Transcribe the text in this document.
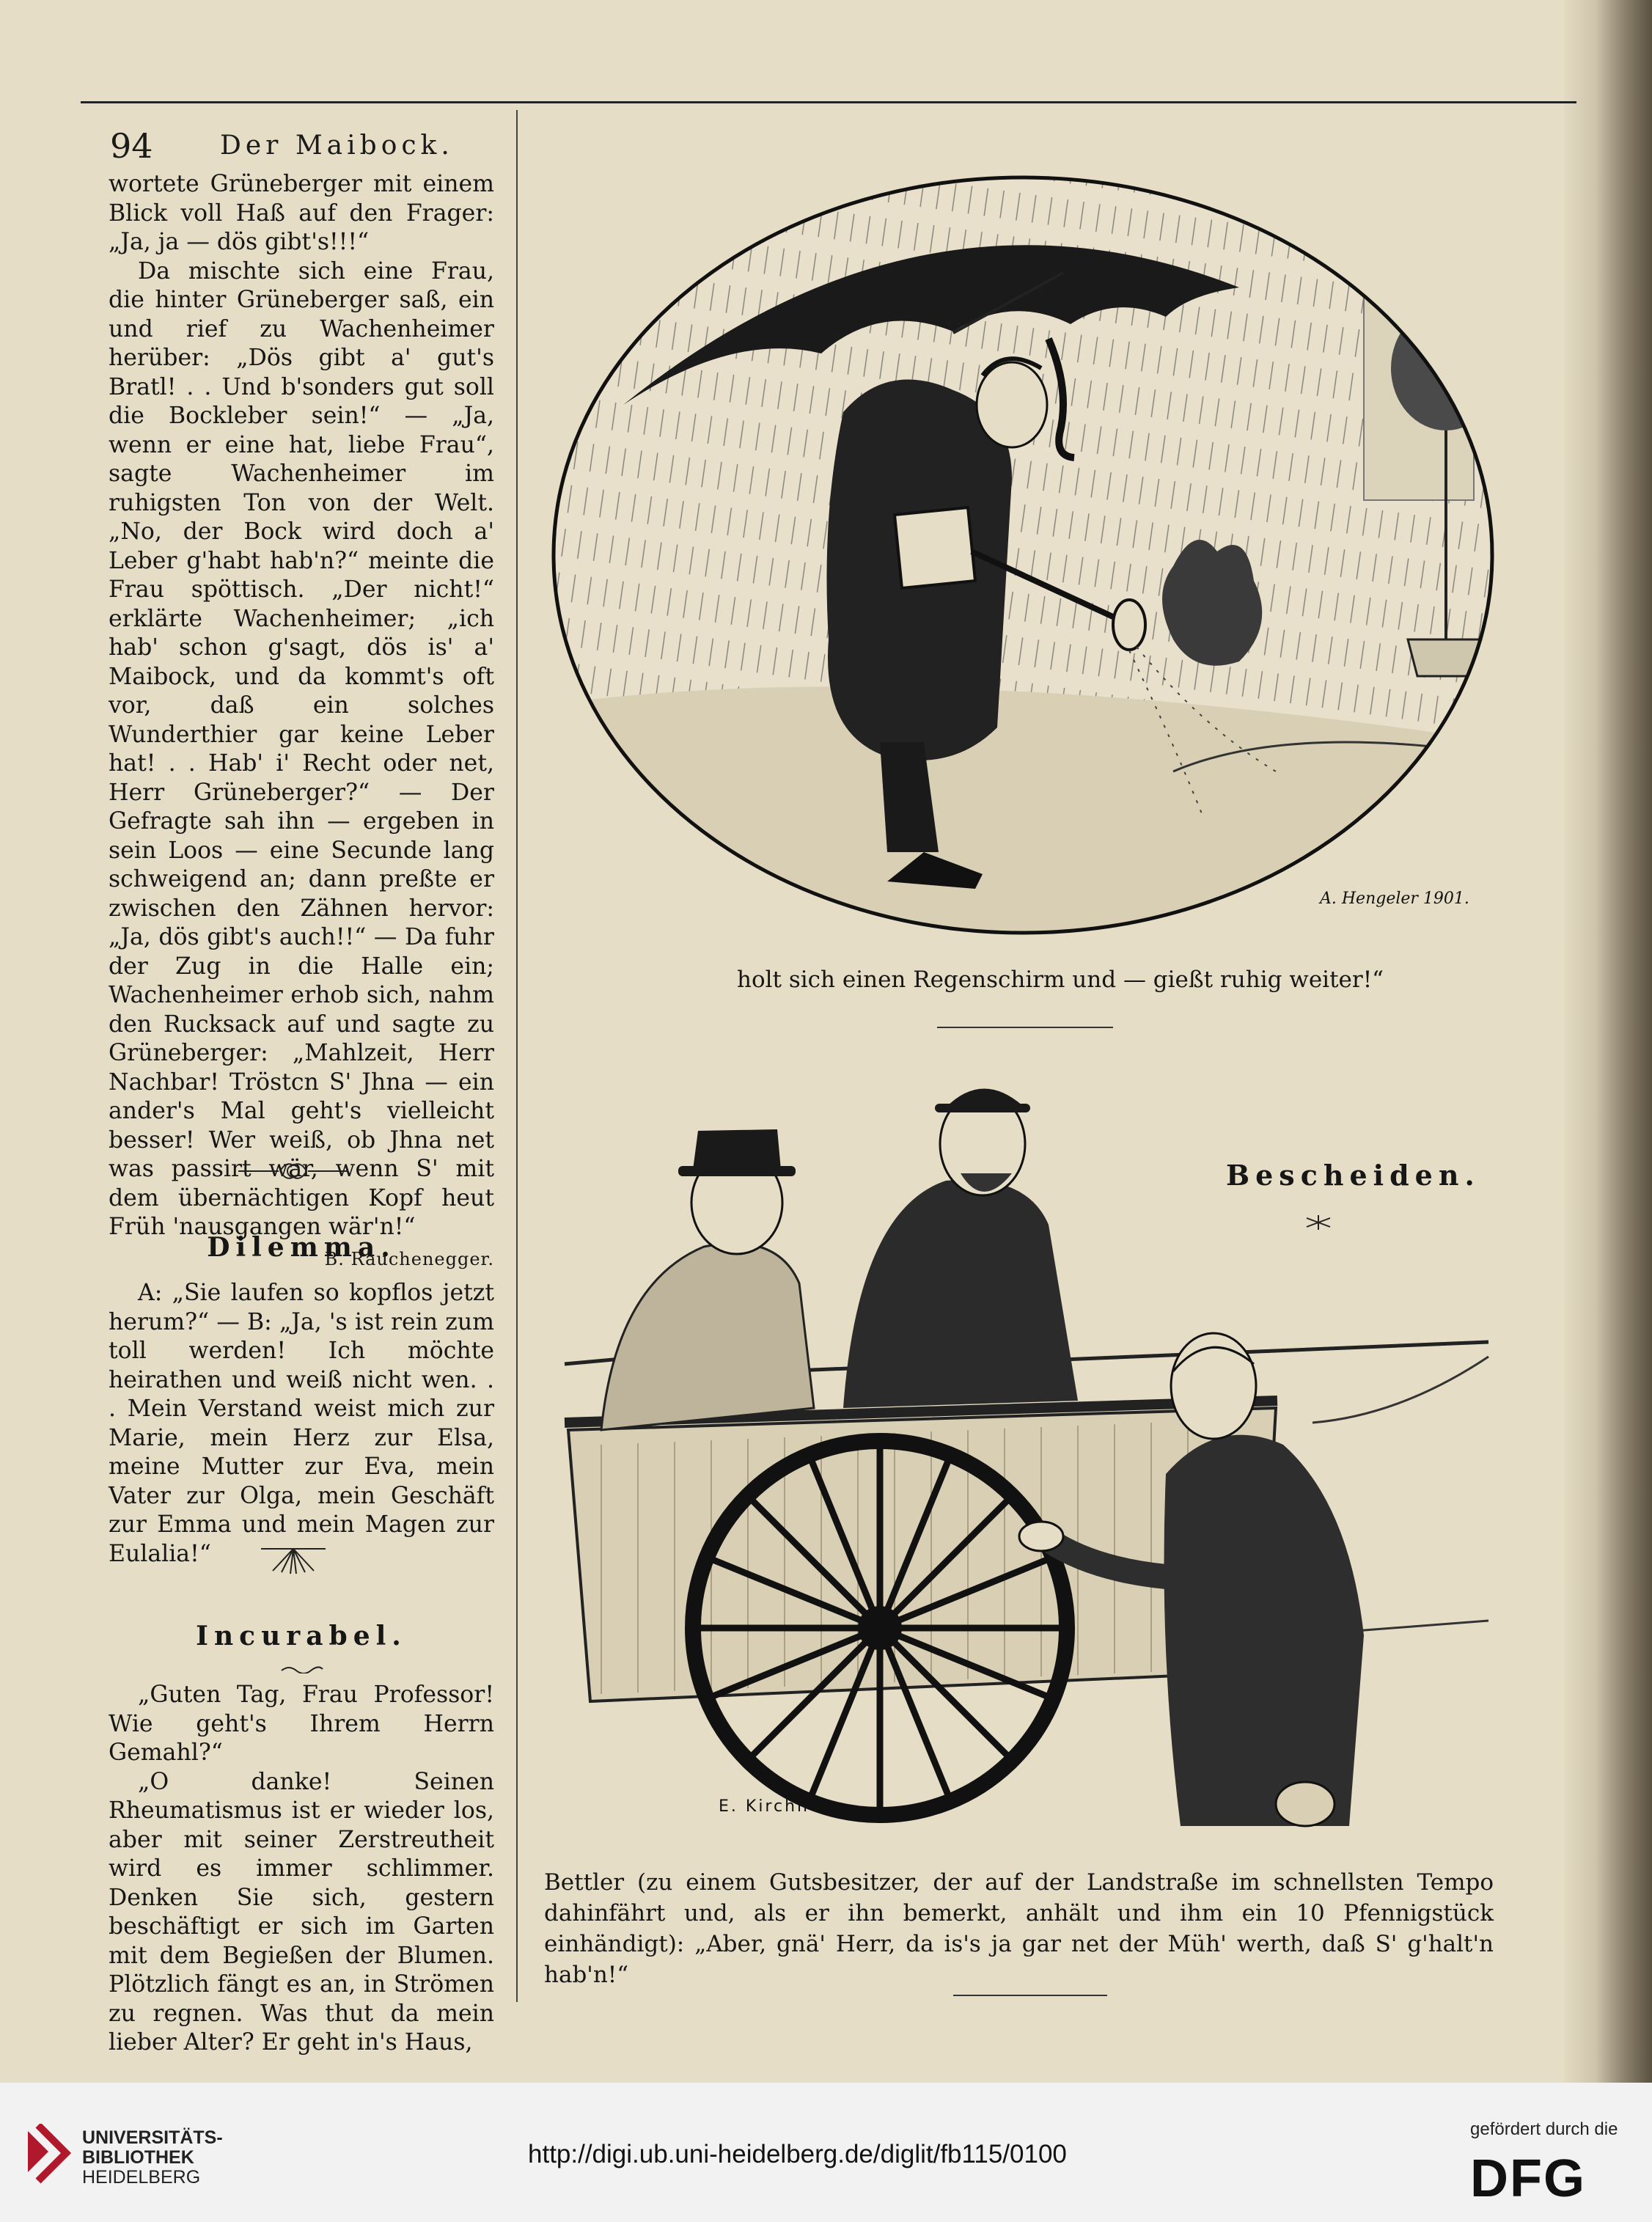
94	Der Maibock.

wortete Grüneberger mit einem Blick voll Haß auf den Frager: „Ja, ja — dös gibt's!!!“

Da mischte sich eine Frau, die hinter Grüneberger saß, ein und rief zu Wachenheimer herüber: „Dös gibt a' gut's Bratl! . . Und b'sonders gut soll die Bockleber sein!“ — „Ja, wenn er eine hat, liebe Frau“, sagte Wachenheimer im ruhigsten Ton von der Welt. „No, der Bock wird doch a' Leber g'habt hab'n?“ meinte die Frau spöttisch. „Der nicht!“ erklärte Wachenheimer; „ich hab' schon g'sagt, dös is' a' Maibock, und da kommt's oft vor, daß ein solches Wunderthier gar keine Leber hat! . . Hab' i' Recht oder net, Herr Grüneberger?“ — Der Gefragte sah ihn — ergeben in sein Loos — eine Secunde lang schweigend an; dann preßte er zwischen den Zähnen hervor: „Ja, dös gibt's auch!!“ — Da fuhr der Zug in die Halle ein; Wachenheimer erhob sich, nahm den Rucksack auf und sagte zu Grüneberger: „Mahlzeit, Herr Nachbar! Tröstcn S' Jhna — ein ander's Mal geht's vielleicht besser! Wer weiß, ob Jhna net was passirt wär, wenn S' mit dem übernächtigen Kopf heut Früh 'nausgangen wär'n!“

B. Rauchenegger.
Dilemma.

A: „Sie laufen so kopflos jetzt herum?“ — B: „Ja, 's ist rein zum toll werden! Ich möchte heirathen und weiß nicht wen. . . Mein Verstand weist mich zur Marie, mein Herz zur Elsa, meine Mutter zur Eva, mein Vater zur Olga, mein Geschäft zur Emma und mein Magen zur Eulalia!“

Incurabel.

„Guten Tag, Frau Professor! Wie geht's Ihrem Herrn Gemahl?“

„O danke! Seinen Rheumatismus ist er wieder los, aber mit seiner Zerstreutheit wird es immer schlimmer. Denken Sie sich, gestern beschäftigt er sich im Garten mit dem Begießen der Blumen. Plötzlich fängt es an, in Strömen zu regnen. Was thut da mein lieber Alter? Er geht in's Haus,

A. Hengeler 1901.
holt sich einen Regenschirm und — gießt ruhig weiter!“
E. Kirchner.
Bescheiden.
Bettler (zu einem Gutsbesitzer, der auf der Landstraße im schnellsten Tempo dahinfährt und, als er ihn bemerkt, anhält und ihm ein 10 Pfennigstück einhändigt): „Aber, gnä' Herr, da is's ja gar net der Müh' werth, daß S' g'halt'n hab'n!“
UNIVERSITÄTS-
BIBLIOTHEK
HEIDELBERG
http://digi.ub.uni-heidelberg.de/diglit/fb115/0100
gefördert durch die
DFG
